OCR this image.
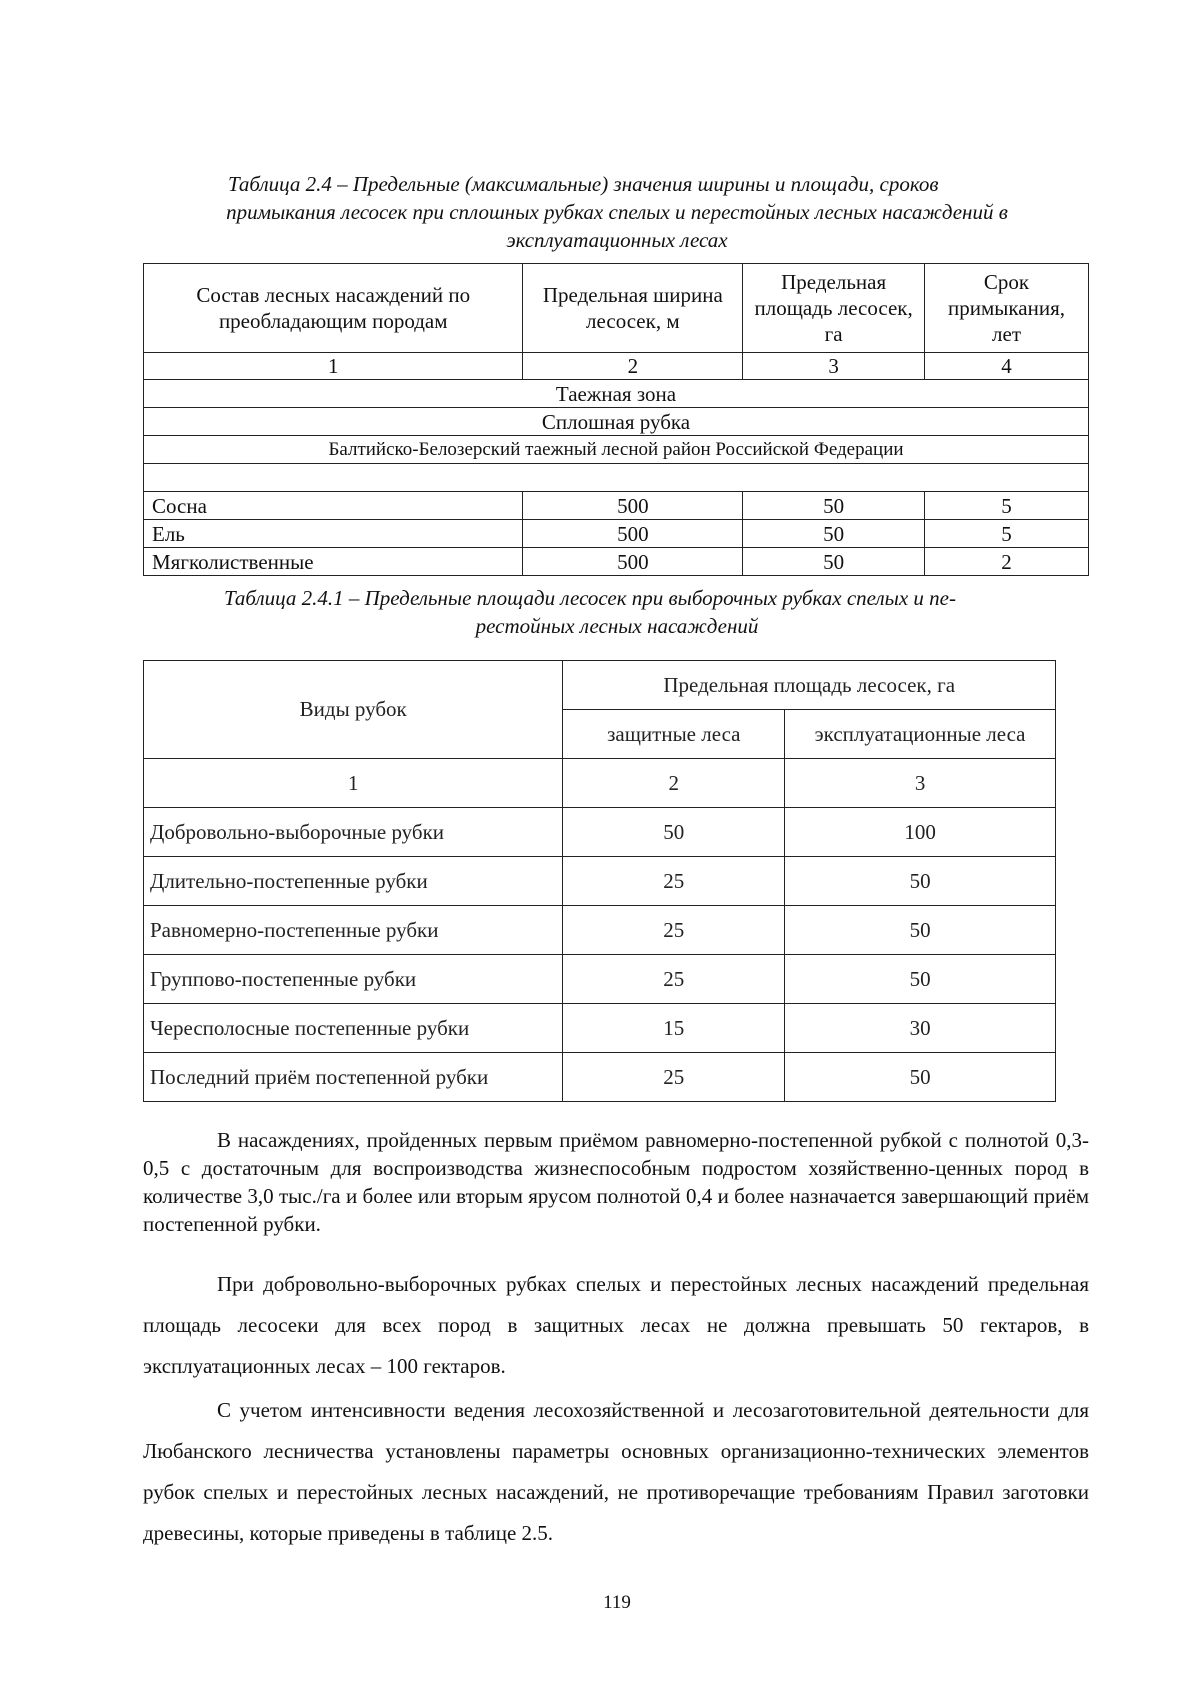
Таблица 2.4 – Предельные (максимальные) значения ширины и площади, сроков

примыкания лесосек при сплошных рубках спелых и перестойных лесных насаждений в

эксплуатационных лесах

Состав лесных насаждений по преобладающим породам	Предельная ширина лесосек, м	Предельная площадь лесосек, га	Срок примыкания, лет
1	2	3	4
Таежная зона			
Сплошная рубка			
Балтийско-Белозерский таежный лесной район Российской Федерации			

Сосна	500	50	5
Ель	500	50	5
Мягколиственные	500	50	2

Таблица 2.4.1 – Предельные площади лесосек при выборочных рубках спелых и пе-

рестойных лесных насаждений

Виды рубок	Предельная площадь лесосек, га	
	защитные леса	эксплуатационные леса
1	2	3
Добровольно-выборочные рубки	50	100
Длительно-постепенные рубки	25	50
Равномерно-постепенные рубки	25	50
Группово-постепенные рубки	25	50
Чересполосные постепенные рубки	15	30
Последний приём постепенной рубки	25	50

В насаждениях, пройденных первым приёмом равномерно-постепенной рубкой с полнотой 0,3-0,5 с достаточным для воспроизводства жизнеспособным подростом хозяйственно-ценных пород в количестве 3,0 тыс./га и более или вторым ярусом полнотой 0,4 и более назначается завершающий приём постепенной рубки.

При добровольно-выборочных рубках спелых и перестойных лесных насаждений предельная площадь лесосеки для всех пород в защитных лесах не должна превышать 50 гектаров, в эксплуатационных лесах – 100 гектаров.

С учетом интенсивности ведения лесохозяйственной и лесозаготовительной деятельности для Любанского лесничества установлены параметры основных организационно-технических элементов рубок спелых и перестойных лесных насаждений, не противоречащие требованиям Правил заготовки древесины, которые приведены в таблице 2.5.

119
